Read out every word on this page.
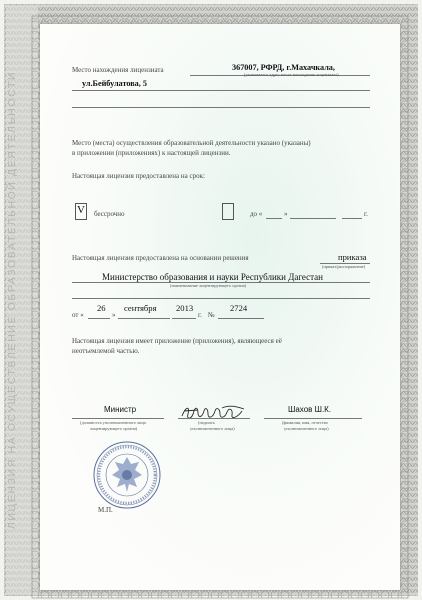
ЛИЦЕНЗИЯ НА ОСУЩЕСТВЛЕНИЕ ОБРАЗОВАТЕЛЬНОЙ ДЕЯТЕЛЬНОСТИ
Место нахождения лицензиата	367007, РФРД, г.Махачкала,
(указывается адрес места нахождения лицензиата)
ул.Бейбулатова, 5
Место (места) осуществления образовательной деятельности указано (указаны)
в приложении (приложениях) к настоящей лицензии.
Настоящая лицензия предоставлена на срок:
V бессрочно	до «	»	г.
Настоящая лицензия предоставлена на основании решения	приказа
(приказ/распоряжение)
Министерство образования и науки Республики Дагестан
(наименование лицензирующего органа)
26 сентября 2013	2724
от «	»	г. №
Настоящая лицензия имеет приложение (приложения), являющееся её
неотъемлемой частью.
Министр
(должность уполномоченного лица
лицензирующего органа)
(подпись
уполномоченного лица)
Шахов Ш.К.
(фамилия, имя, отчество
уполномоченного лица)
М.П.
